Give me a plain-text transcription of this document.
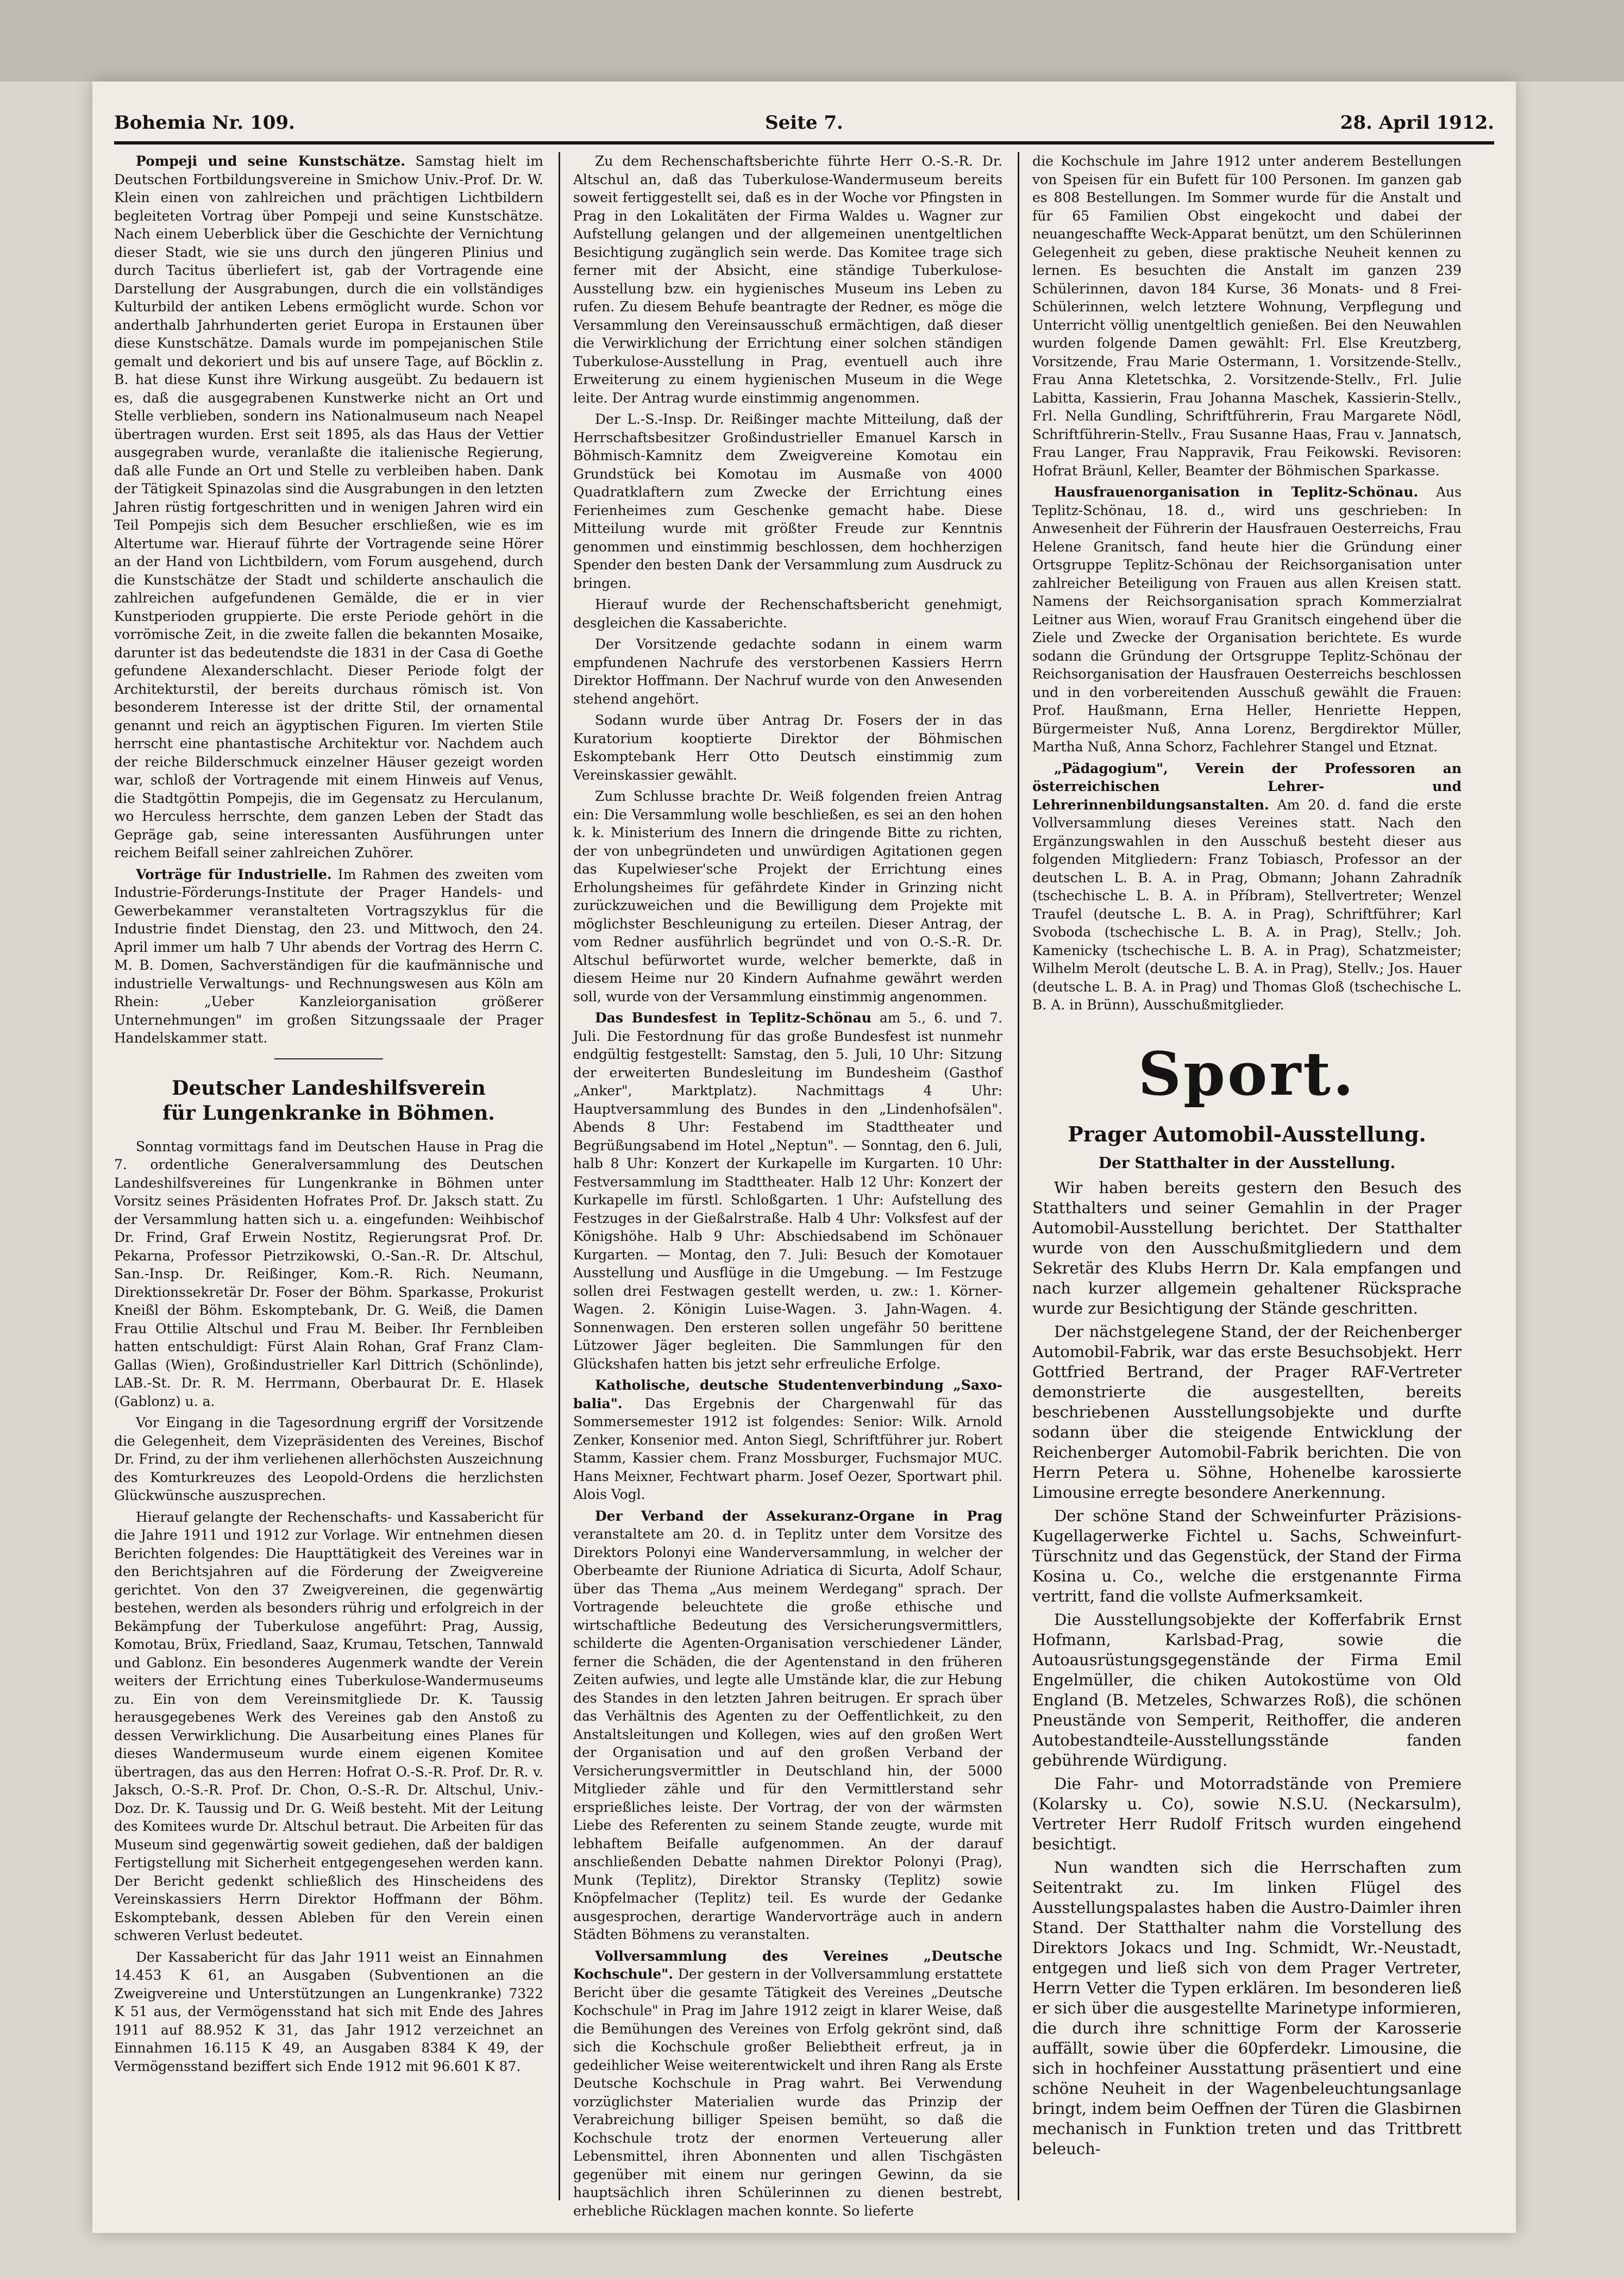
Bohemia Nr. 109.	Seite 7.	28. April 1912.

Pompeji und seine Kunstschätze. Samstag hielt im Deutschen Fortbildungsvereine in Smichow Univ.-Prof. Dr. W. Klein einen von zahlreichen und prächtigen Lichtbildern begleiteten Vortrag über Pompeji und seine Kunstschätze. Nach einem Ueberblick über die Geschichte der Vernichtung dieser Stadt, wie sie uns durch den jüngeren Plinius und durch Tacitus überliefert ist, gab der Vortragende eine Darstellung der Ausgrabungen, durch die ein vollständiges Kulturbild der antiken Lebens ermöglicht wurde. Schon vor anderthalb Jahrhunderten geriet Europa in Erstaunen über diese Kunstschätze. Damals wurde im pompejanischen Stile gemalt und dekoriert und bis auf unsere Tage, auf Böcklin z. B. hat diese Kunst ihre Wirkung ausgeübt. Zu bedauern ist es, daß die ausgegrabenen Kunstwerke nicht an Ort und Stelle verblieben, sondern ins Nationalmuseum nach Neapel übertragen wurden. Erst seit 1895, als das Haus der Vettier ausgegraben wurde, veranlaßte die italienische Regierung, daß alle Funde an Ort und Stelle zu verbleiben haben. Dank der Tätigkeit Spinazolas sind die Ausgrabungen in den letzten Jahren rüstig fortgeschritten und in wenigen Jahren wird ein Teil Pompejis sich dem Besucher erschließen, wie es im Altertume war. Hierauf führte der Vortragende seine Hörer an der Hand von Lichtbildern, vom Forum ausgehend, durch die Kunstschätze der Stadt und schilderte anschaulich die zahlreichen aufgefundenen Gemälde, die er in vier Kunstperioden gruppierte. Die erste Periode gehört in die vorrömische Zeit, in die zweite fallen die bekannten Mosaike, darunter ist das bedeutendste die 1831 in der Casa di Goethe gefundene Alexanderschlacht. Dieser Periode folgt der Architekturstil, der bereits durchaus römisch ist. Von besonderem Interesse ist der dritte Stil, der ornamental genannt und reich an ägyptischen Figuren. Im vierten Stile herrscht eine phantastische Architektur vor. Nachdem auch der reiche Bilderschmuck einzelner Häuser gezeigt worden war, schloß der Vortragende mit einem Hinweis auf Venus, die Stadtgöttin Pompejis, die im Gegensatz zu Herculanum, wo Herculess herrschte, dem ganzen Leben der Stadt das Gepräge gab, seine interessanten Ausführungen unter reichem Beifall seiner zahlreichen Zuhörer.

Vorträge für Industrielle. Im Rahmen des zweiten vom Industrie-Förderungs-Institute der Prager Handels- und Gewerbekammer veranstalteten Vortragszyklus für die Industrie findet Dienstag, den 23. und Mittwoch, den 24. April immer um halb 7 Uhr abends der Vortrag des Herrn C. M. B. Domen, Sachverständigen für die kaufmännische und industrielle Verwaltungs- und Rechnungswesen aus Köln am Rhein: „Ueber Kanzleiorganisation größerer Unternehmungen" im großen Sitzungssaale der Prager Handelskammer statt.

Deutscher Landeshilfsverein
für Lungenkranke in Böhmen.

Sonntag vormittags fand im Deutschen Hause in Prag die 7. ordentliche Generalversammlung des Deutschen Landeshilfsvereines für Lungenkranke in Böhmen unter Vorsitz seines Präsidenten Hofrates Prof. Dr. Jaksch statt. Zu der Versammlung hatten sich u. a. eingefunden: Weihbischof Dr. Frind, Graf Erwein Nostitz, Regierungsrat Prof. Dr. Pekarna, Professor Pietrzikowski, O.-San.-R. Dr. Altschul, San.-Insp. Dr. Reißinger, Kom.-R. Rich. Neumann, Direktionssekretär Dr. Foser der Böhm. Sparkasse, Prokurist Kneißl der Böhm. Eskomptebank, Dr. G. Weiß, die Damen Frau Ottilie Altschul und Frau M. Beiber. Ihr Fernbleiben hatten entschuldigt: Fürst Alain Rohan, Graf Franz Clam-Gallas (Wien), Großindustrieller Karl Dittrich (Schönlinde), LAB.-St. Dr. R. M. Herrmann, Oberbaurat Dr. E. Hlasek (Gablonz) u. a.

Vor Eingang in die Tagesordnung ergriff der Vorsitzende die Gelegenheit, dem Vizepräsidenten des Vereines, Bischof Dr. Frind, zu der ihm verliehenen allerhöchsten Auszeichnung des Komturkreuzes des Leopold-Ordens die herzlichsten Glückwünsche auszusprechen.

Hierauf gelangte der Rechenschafts- und Kassabericht für die Jahre 1911 und 1912 zur Vorlage. Wir entnehmen diesen Berichten folgendes: Die Haupttätigkeit des Vereines war in den Berichtsjahren auf die Förderung der Zweigvereine gerichtet. Von den 37 Zweigvereinen, die gegenwärtig bestehen, werden als besonders rührig und erfolgreich in der Bekämpfung der Tuberkulose angeführt: Prag, Aussig, Komotau, Brüx, Friedland, Saaz, Krumau, Tetschen, Tannwald und Gablonz. Ein besonderes Augenmerk wandte der Verein weiters der Errichtung eines Tuberkulose-Wandermuseums zu. Ein von dem Vereinsmitgliede Dr. K. Taussig herausgegebenes Werk des Vereines gab den Anstoß zu dessen Verwirklichung. Die Ausarbeitung eines Planes für dieses Wandermuseum wurde einem eigenen Komitee übertragen, das aus den Herren: Hofrat O.-S.-R. Prof. Dr. R. v. Jaksch, O.-S.-R. Prof. Dr. Chon, O.-S.-R. Dr. Altschul, Univ.-Doz. Dr. K. Taussig und Dr. G. Weiß besteht. Mit der Leitung des Komitees wurde Dr. Altschul betraut. Die Arbeiten für das Museum sind gegenwärtig soweit gediehen, daß der baldigen Fertigstellung mit Sicherheit entgegengesehen werden kann. Der Bericht gedenkt schließlich des Hinscheidens des Vereinskassiers Herrn Direktor Hoffmann der Böhm. Eskomptebank, dessen Ableben für den Verein einen schweren Verlust bedeutet.

Der Kassabericht für das Jahr 1911 weist an Einnahmen 14.453 K 61, an Ausgaben (Subventionen an die Zweigvereine und Unterstützungen an Lungenkranke) 7322 K 51 aus, der Vermögensstand hat sich mit Ende des Jahres 1911 auf 88.952 K 31, das Jahr 1912 verzeichnet an Einnahmen 16.115 K 49, an Ausgaben 8384 K 49, der Vermögensstand beziffert sich Ende 1912 mit 96.601 K 87.

Zu dem Rechenschaftsberichte führte Herr O.-S.-R. Dr. Altschul an, daß das Tuberkulose-Wandermuseum bereits soweit fertiggestellt sei, daß es in der Woche vor Pfingsten in Prag in den Lokalitäten der Firma Waldes u. Wagner zur Aufstellung gelangen und der allgemeinen unentgeltlichen Besichtigung zugänglich sein werde. Das Komitee trage sich ferner mit der Absicht, eine ständige Tuberkulose-Ausstellung bzw. ein hygienisches Museum ins Leben zu rufen. Zu diesem Behufe beantragte der Redner, es möge die Versammlung den Vereinsausschuß ermächtigen, daß dieser die Verwirklichung der Errichtung einer solchen ständigen Tuberkulose-Ausstellung in Prag, eventuell auch ihre Erweiterung zu einem hygienischen Museum in die Wege leite. Der Antrag wurde einstimmig angenommen.

Der L.-S.-Insp. Dr. Reißinger machte Mitteilung, daß der Herrschaftsbesitzer Großindustrieller Emanuel Karsch in Böhmisch-Kamnitz dem Zweigvereine Komotau ein Grundstück bei Komotau im Ausmaße von 4000 Quadratklaftern zum Zwecke der Errichtung eines Ferienheimes zum Geschenke gemacht habe. Diese Mitteilung wurde mit größter Freude zur Kenntnis genommen und einstimmig beschlossen, dem hochherzigen Spender den besten Dank der Versammlung zum Ausdruck zu bringen.

Hierauf wurde der Rechenschaftsbericht genehmigt, desgleichen die Kassaberichte.

Der Vorsitzende gedachte sodann in einem warm empfundenen Nachrufe des verstorbenen Kassiers Herrn Direktor Hoffmann. Der Nachruf wurde von den Anwesenden stehend angehört.

Sodann wurde über Antrag Dr. Fosers der in das Kuratorium kooptierte Direktor der Böhmischen Eskomptebank Herr Otto Deutsch einstimmig zum Vereinskassier gewählt.

Zum Schlusse brachte Dr. Weiß folgenden freien Antrag ein: Die Versammlung wolle beschließen, es sei an den hohen k. k. Ministerium des Innern die dringende Bitte zu richten, der von unbegründeten und unwürdigen Agitationen gegen das Kupelwieser'sche Projekt der Errichtung eines Erholungsheimes für gefährdete Kinder in Grinzing nicht zurückzuweichen und die Bewilligung dem Projekte mit möglichster Beschleunigung zu erteilen. Dieser Antrag, der vom Redner ausführlich begründet und von O.-S.-R. Dr. Altschul befürwortet wurde, welcher bemerkte, daß in diesem Heime nur 20 Kindern Aufnahme gewährt werden soll, wurde von der Versammlung einstimmig angenommen.

Das Bundesfest in Teplitz-Schönau am 5., 6. und 7. Juli. Die Festordnung für das große Bundesfest ist nunmehr endgültig festgestellt: Samstag, den 5. Juli, 10 Uhr: Sitzung der erweiterten Bundesleitung im Bundesheim (Gasthof „Anker", Marktplatz). Nachmittags 4 Uhr: Hauptversammlung des Bundes in den „Lindenhofsälen". Abends 8 Uhr: Festabend im Stadttheater und Begrüßungsabend im Hotel „Neptun". — Sonntag, den 6. Juli, halb 8 Uhr: Konzert der Kurkapelle im Kurgarten. 10 Uhr: Festversammlung im Stadttheater. Halb 12 Uhr: Konzert der Kurkapelle im fürstl. Schloßgarten. 1 Uhr: Aufstellung des Festzuges in der Gießalrstraße. Halb 4 Uhr: Volksfest auf der Königshöhe. Halb 9 Uhr: Abschiedsabend im Schönauer Kurgarten. — Montag, den 7. Juli: Besuch der Komotauer Ausstellung und Ausflüge in die Umgebung. — Im Festzuge sollen drei Festwagen gestellt werden, u. zw.: 1. Körner-Wagen. 2. Königin Luise-Wagen. 3. Jahn-Wagen. 4. Sonnenwagen. Den ersteren sollen ungefähr 50 berittene Lützower Jäger begleiten. Die Sammlungen für den Glückshafen hatten bis jetzt sehr erfreuliche Erfolge.

Katholische, deutsche Studentenverbindung „Saxo-balia". Das Ergebnis der Chargenwahl für das Sommersemester 1912 ist folgendes: Senior: Wilk. Arnold Zenker, Konsenior med. Anton Siegl, Schriftführer jur. Robert Stamm, Kassier chem. Franz Mossburger, Fuchsmajor MUC. Hans Meixner, Fechtwart pharm. Josef Oezer, Sportwart phil. Alois Vogl.

Der Verband der Assekuranz-Organe in Prag veranstaltete am 20. d. in Teplitz unter dem Vorsitze des Direktors Polonyi eine Wanderversammlung, in welcher der Oberbeamte der Riunione Adriatica di Sicurta, Adolf Schaur, über das Thema „Aus meinem Werdegang" sprach. Der Vortragende beleuchtete die große ethische und wirtschaftliche Bedeutung des Versicherungsvermittlers, schilderte die Agenten-Organisation verschiedener Länder, ferner die Schäden, die der Agentenstand in den früheren Zeiten aufwies, und legte alle Umstände klar, die zur Hebung des Standes in den letzten Jahren beitrugen. Er sprach über das Verhältnis des Agenten zu der Oeffentlichkeit, zu den Anstaltsleitungen und Kollegen, wies auf den großen Wert der Organisation und auf den großen Verband der Versicherungsvermittler in Deutschland hin, der 5000 Mitglieder zähle und für den Vermittlerstand sehr ersprießliches leiste. Der Vortrag, der von der wärmsten Liebe des Referenten zu seinem Stande zeugte, wurde mit lebhaftem Beifalle aufgenommen. An der darauf anschließenden Debatte nahmen Direktor Polonyi (Prag), Munk (Teplitz), Direktor Stransky (Teplitz) sowie Knöpfelmacher (Teplitz) teil. Es wurde der Gedanke ausgesprochen, derartige Wandervorträge auch in andern Städten Böhmens zu veranstalten.

Vollversammlung des Vereines „Deutsche Kochschule". Der gestern in der Vollversammlung erstattete Bericht über die gesamte Tätigkeit des Vereines „Deutsche Kochschule" in Prag im Jahre 1912 zeigt in klarer Weise, daß die Bemühungen des Vereines von Erfolg gekrönt sind, daß sich die Kochschule großer Beliebtheit erfreut, ja in gedeihlicher Weise weiterentwickelt und ihren Rang als Erste Deutsche Kochschule in Prag wahrt. Bei Verwendung vorzüglichster Materialien wurde das Prinzip der Verabreichung billiger Speisen bemüht, so daß die Kochschule trotz der enormen Verteuerung aller Lebensmittel, ihren Abonnenten und allen Tischgästen gegenüber mit einem nur geringen Gewinn, da sie hauptsächlich ihren Schülerinnen zu dienen bestrebt, erhebliche Rücklagen machen konnte. So lieferte

die Kochschule im Jahre 1912 unter anderem Bestellungen von Speisen für ein Bufett für 100 Personen. Im ganzen gab es 808 Bestellungen. Im Sommer wurde für die Anstalt und für 65 Familien Obst eingekocht und dabei der neuangeschaffte Weck-Apparat benützt, um den Schülerinnen Gelegenheit zu geben, diese praktische Neuheit kennen zu lernen. Es besuchten die Anstalt im ganzen 239 Schülerinnen, davon 184 Kurse, 36 Monats- und 8 Frei-Schülerinnen, welch letztere Wohnung, Verpflegung und Unterricht völlig unentgeltlich genießen. Bei den Neuwahlen wurden folgende Damen gewählt: Frl. Else Kreutzberg, Vorsitzende, Frau Marie Ostermann, 1. Vorsitzende-Stellv., Frau Anna Kletetschka, 2. Vorsitzende-Stellv., Frl. Julie Labitta, Kassierin, Frau Johanna Maschek, Kassierin-Stellv., Frl. Nella Gundling, Schriftführerin, Frau Margarete Nödl, Schriftführerin-Stellv., Frau Susanne Haas, Frau v. Jannatsch, Frau Langer, Frau Nappravik, Frau Feikowski. Revisoren: Hofrat Bräunl, Keller, Beamter der Böhmischen Sparkasse.

Hausfrauenorganisation in Teplitz-Schönau. Aus Teplitz-Schönau, 18. d., wird uns geschrieben: In Anwesenheit der Führerin der Hausfrauen Oesterreichs, Frau Helene Granitsch, fand heute hier die Gründung einer Ortsgruppe Teplitz-Schönau der Reichsorganisation unter zahlreicher Beteiligung von Frauen aus allen Kreisen statt. Namens der Reichsorganisation sprach Kommerzialrat Leitner aus Wien, worauf Frau Granitsch eingehend über die Ziele und Zwecke der Organisation berichtete. Es wurde sodann die Gründung der Ortsgruppe Teplitz-Schönau der Reichsorganisation der Hausfrauen Oesterreichs beschlossen und in den vorbereitenden Ausschuß gewählt die Frauen: Prof. Haußmann, Erna Heller, Henriette Heppen, Bürgermeister Nuß, Anna Lorenz, Bergdirektor Müller, Martha Nuß, Anna Schorz, Fachlehrer Stangel und Etznat.

„Pädagogium", Verein der Professoren an österreichischen Lehrer- und Lehrerinnenbildungsanstalten. Am 20. d. fand die erste Vollversammlung dieses Vereines statt. Nach den Ergänzungswahlen in den Ausschuß besteht dieser aus folgenden Mitgliedern: Franz Tobiasch, Professor an der deutschen L. B. A. in Prag, Obmann; Johann Zahradník (tschechische L. B. A. in Příbram), Stellvertreter; Wenzel Traufel (deutsche L. B. A. in Prag), Schriftführer; Karl Svoboda (tschechische L. B. A. in Prag), Stellv.; Joh. Kamenicky (tschechische L. B. A. in Prag), Schatzmeister; Wilhelm Merolt (deutsche L. B. A. in Prag), Stellv.; Jos. Hauer (deutsche L. B. A. in Prag) und Thomas Gloß (tschechische L. B. A. in Brünn), Ausschußmitglieder.

Sport.
Prager Automobil-Ausstellung.
Der Statthalter in der Ausstellung.

Wir haben bereits gestern den Besuch des Statthalters und seiner Gemahlin in der Prager Automobil-Ausstellung berichtet. Der Statthalter wurde von den Ausschußmitgliedern und dem Sekretär des Klubs Herrn Dr. Kala empfangen und nach kurzer allgemein gehaltener Rücksprache wurde zur Besichtigung der Stände geschritten.

Der nächstgelegene Stand, der der Reichenberger Automobil-Fabrik, war das erste Besuchsobjekt. Herr Gottfried Bertrand, der Prager RAF-Vertreter demonstrierte die ausgestellten, bereits beschriebenen Ausstellungsobjekte und durfte sodann über die steigende Entwicklung der Reichenberger Automobil-Fabrik berichten. Die von Herrn Petera u. Söhne, Hohenelbe karossierte Limousine erregte besondere Anerkennung.

Der schöne Stand der Schweinfurter Präzisions-Kugellagerwerke Fichtel u. Sachs, Schweinfurt-Türschnitz und das Gegenstück, der Stand der Firma Kosina u. Co., welche die erstgenannte Firma vertritt, fand die vollste Aufmerksamkeit.

Die Ausstellungsobjekte der Kofferfabrik Ernst Hofmann, Karlsbad-Prag, sowie die Autoausrüstungsgegenstände der Firma Emil Engelmüller, die chiken Autokostüme von Old England (B. Metzeles, Schwarzes Roß), die schönen Pneustände von Semperit, Reithoffer, die anderen Autobestandteile-Ausstellungsstände fanden gebührende Würdigung.

Die Fahr- und Motorradstände von Premiere (Kolarsky u. Co), sowie N.S.U. (Neckarsulm), Vertreter Herr Rudolf Fritsch wurden eingehend besichtigt.

Nun wandten sich die Herrschaften zum Seitentrakt zu. Im linken Flügel des Ausstellungspalastes haben die Austro-Daimler ihren Stand. Der Statthalter nahm die Vorstellung des Direktors Jokacs und Ing. Schmidt, Wr.-Neustadt, entgegen und ließ sich von dem Prager Vertreter, Herrn Vetter die Typen erklären. Im besonderen ließ er sich über die ausgestellte Marinetype informieren, die durch ihre schnittige Form der Karosserie auffällt, sowie über die 60pferdekr. Limousine, die sich in hochfeiner Ausstattung präsentiert und eine schöne Neuheit in der Wagenbeleuchtungsanlage bringt, indem beim Oeffnen der Türen die Glasbirnen mechanisch in Funktion treten und das Trittbrett beleuch-
